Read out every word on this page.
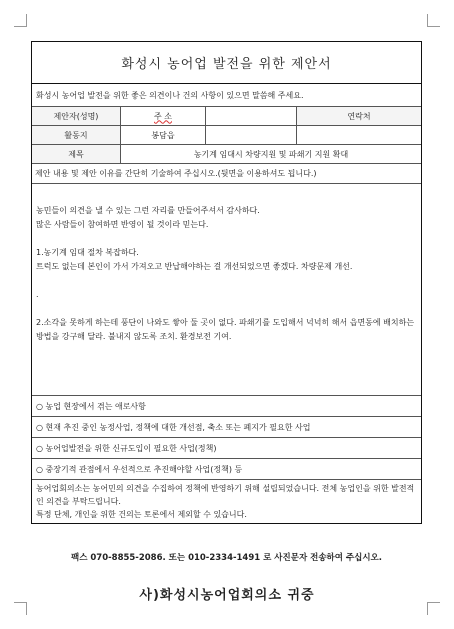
화성시 농어업 발전을 위한 제안서
화성시 농어업 발전을 위한 좋은 의견이나 건의 사항이 있으면 말씀해 주세요.
제안자(성명)	주 소	연락처
활동지	봉담읍
제목	농기계 임대시 차량지원 및 파쇄기 지원 확대
제안 내용 및 제안 이유를 간단히 기술하여 주십시오.(뒷면을 이용하셔도 됩니다.)

농민들이 의견을 낼 수 있는 그런 자리를 만들어주셔서 감사하다.

많은 사람들이 참여하면 반영이 될 것이라 믿는다.

1.농기계 임대 절차 복잡하다.

트럭도 없는데 본인이 가서 가져오고 반납해야하는 걸 개선되었으면 좋겠다. 차량문제 개선.

.

2.소각을 못하게 하는데 풍단이 나와도 쌓아 둘 곳이 없다. 파쇄기를 도입해서 넉넉히 해서 읍면동에 배치하는 방법을 강구해 달라. 불내지 않도록 조치. 환경보전 기여.

○ 농업 현장에서 겪는 애로사항
○ 현재 추진 중인 농정사업, 정책에 대한 개선점, 축소 또는 폐지가 필요한 사업
○ 농어업발전을 위한 신규도입이 필요한 사업(정책)
○ 중장기적 관점에서 우선적으로 추진해야할 사업(정책) 등
농어업회의소는 농어민의 의견을 수집하여 정책에 반영하기 위해 설립되었습니다. 전체 농업인을 위한 발전적인 의견을 부탁드립니다.
특정 단체, 개인을 위한 건의는 토론에서 제외할 수 있습니다.
팩스 070-8855-2086. 또는 010-2334-1491 로 사진문자 전송하여 주십시오.
사)화성시농어업회의소 귀중
